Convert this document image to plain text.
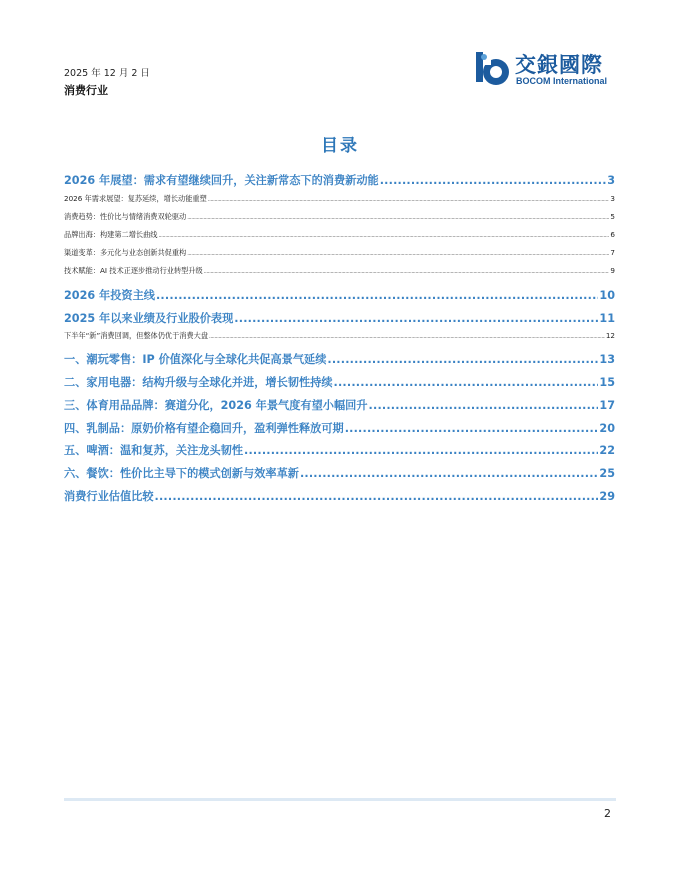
2025 年 12 月 2 日
消费行业
交銀國際
BOCOM International
目录
2026 年展望：需求有望继续回升，关注新常态下的消费新动能 .....	3
2026 年需求展望：复苏延续，增长动能重塑 .....	3
消费趋势：性价比与情绪消费双轮驱动 .....	5
品牌出海：构建第二增长曲线 .....	6
渠道变革：多元化与业态创新共促重构 .....	7
技术赋能：AI 技术正逐步推动行业转型升级 .....	9
2026 年投资主线 .....	10
2025 年以来业绩及行业股价表现 .....	11
下半年“新”消费回调，但整体仍优于消费大盘 .....	12
一、潮玩零售：IP 价值深化与全球化共促高景气延续 .....	13
二、家用电器：结构升级与全球化并进，增长韧性持续 .....	15
三、体育用品品牌：赛道分化，2026 年景气度有望小幅回升 .....	17
四、乳制品：原奶价格有望企稳回升，盈利弹性释放可期 .....	20
五、啤酒：温和复苏，关注龙头韧性 .....	22
六、餐饮：性价比主导下的模式创新与效率革新 .....	25
消费行业估值比较 .....	29
2
